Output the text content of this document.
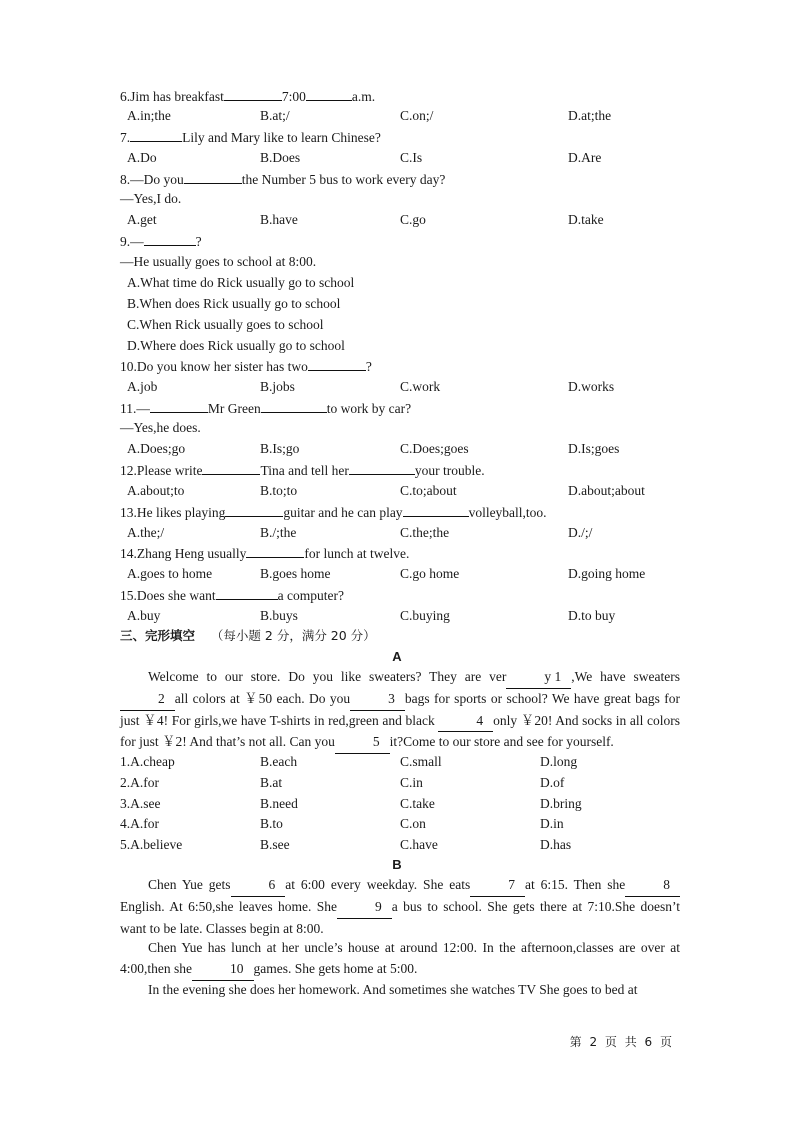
6.Jim has breakfast	7:00	a.m.
A.in;the	B.at;/	C.on;/	D.at;the
7.	Lily and Mary like to learn Chinese?
A.Do	B.Does	C.Is	D.Are
8.—Do you	the Number 5 bus to work every day?
—Yes,I do.
A.get	B.have	C.go	D.take
9.—	?
—He usually goes to school at 8:00.
A.What time do Rick usually go to school
B.When does Rick usually go to school
C.When Rick usually goes to school
D.Where does Rick usually go to school
10.Do you know her sister has two	?
A.job	B.jobs	C.work	D.works
11.—	Mr Green	to work by car?
—Yes,he does.
A.Does;go	B.Is;go	C.Does;goes	D.Is;goes
12.Please write	Tina and tell her	your trouble.
A.about;to	B.to;to	C.to;about	D.about;about
13.He likes playing	guitar and he can play	volleyball,too.
A.the;/	B./;the	C.the;the	D./;/
14.Zhang Heng usually	for lunch at twelve.
A.goes to home	B.goes home	C.go home	D.going home
15.Does she want	a computer?
A.buy	B.buys	C.buying	D.to buy
三、完形填空 （每小题 2 分，满分 20 分）
A
Welcome to our store. Do you like sweaters? They are ver	y 1,We have sweaters2 all colors at ￥50 each. Do you	3 bags for sports or school? We have great bags for just ￥4! For girls,we have T-shirts in red,green and black	4 only ￥20! And socks in all colors for just ￥2! And that’s not all. Can you	5 it?Come to our store and see for yourself.
1.A.cheap	B.each	C.small	D.long
2.A.for	B.at	C.in	D.of
3.A.see	B.need	C.take	D.bring
4.A.for	B.to	C.on	D.in
5.A.believe	B.see	C.have	D.has
B
Chen Yue gets	6 at 6:00 every weekday. She eats	7 at 6:15. Then she	8 English. At 6:50,she leaves home. She	9 a bus to school. She gets there at 7:10.She doesn’t want to be late. Classes begin at 8:00.
Chen Yue has lunch at her uncle’s house at around 12:00. In the afternoon,classes are over at 4:00,then she	10 games. She gets home at 5:00.
In the evening she does her homework. And sometimes she watches TV She goes to bed at
第 2 页 共 6 页
